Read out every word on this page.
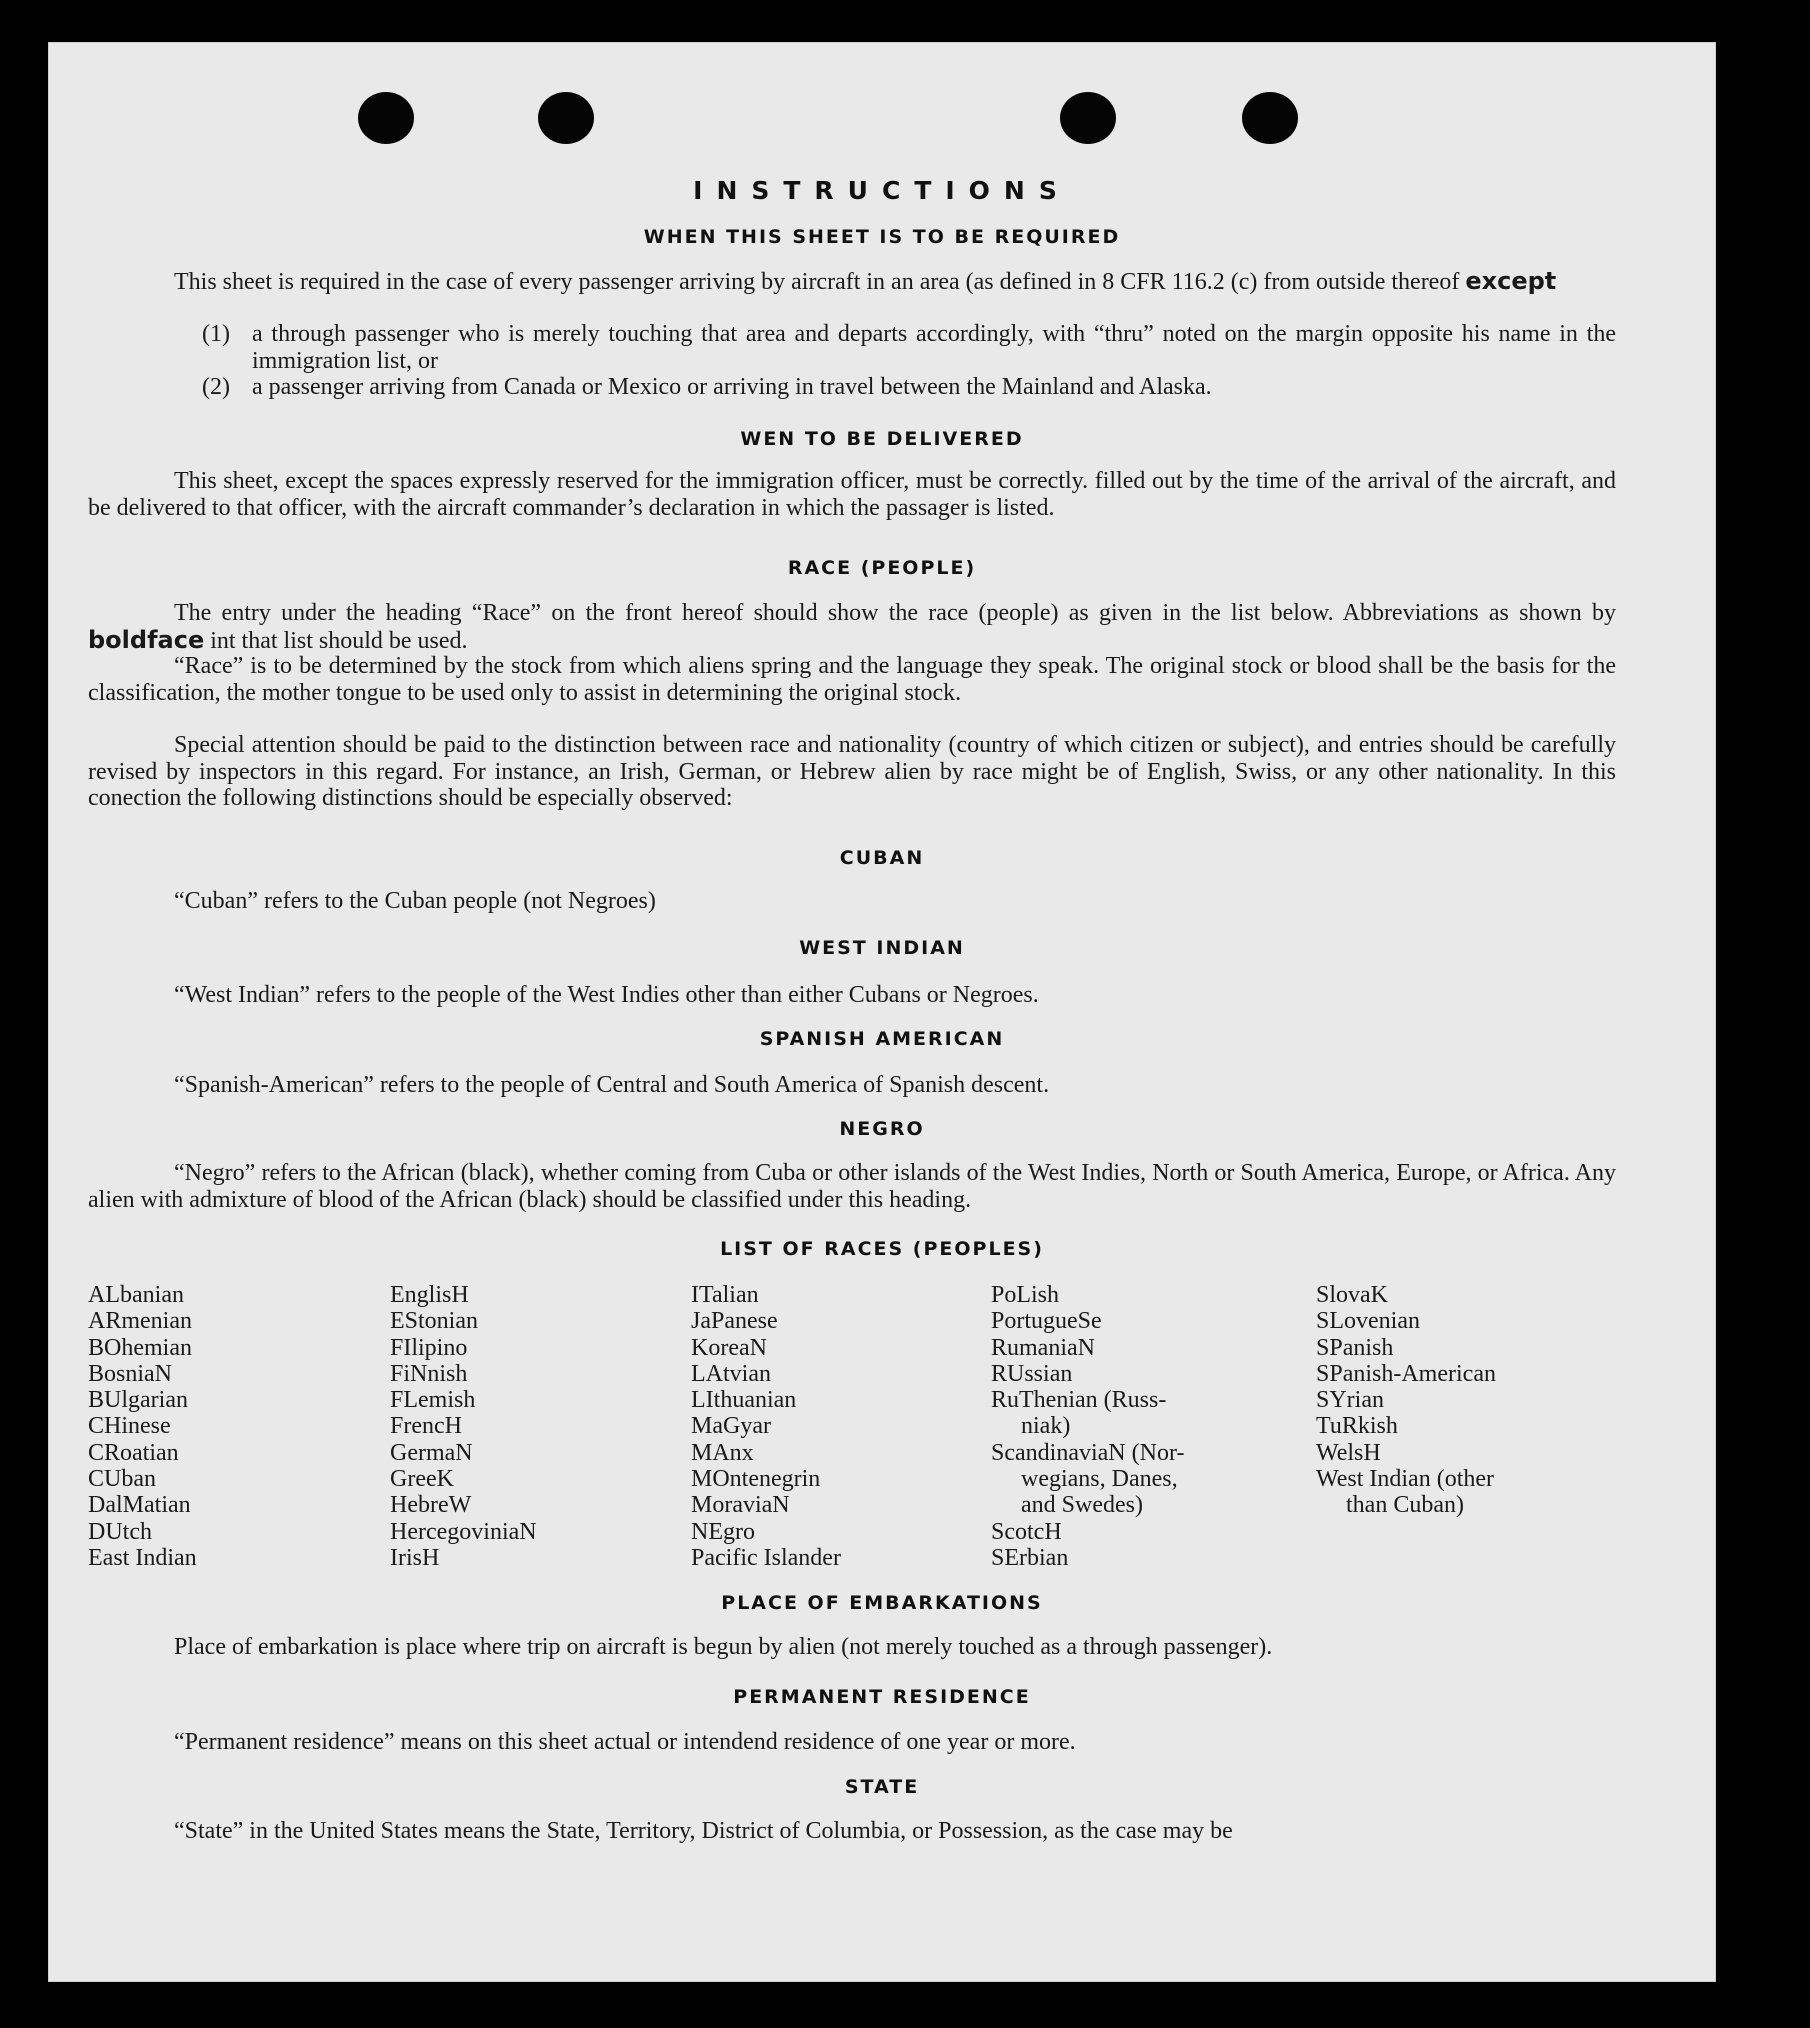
INSTRUCTIONS
WHEN THIS SHEET IS TO BE REQUIRED

This sheet is required in the case of every passenger arriving by aircraft in an area (as defined in 8 CFR 116.2 (c) from outside thereof except

(1) a through passenger who is merely touching that area and departs accordingly, with “thru” noted on the margin opposite his name in the immigration list, or
(2) a passenger arriving from Canada or Mexico or arriving in travel between the Mainland and Alaska.
WEN TO BE DELIVERED

This sheet, except the spaces expressly reserved for the immigration officer, must be correctly. filled out by the time of the arrival of the aircraft, and be delivered to that officer, with the aircraft commander’s declaration in which the passager is listed.

RACE (PEOPLE)

The entry under the heading “Race” on the front hereof should show the race (people) as given in the list below. Abbreviations as shown by boldface int that list should be used.

“Race” is to be determined by the stock from which aliens spring and the language they speak. The original stock or blood shall be the basis for the classification, the mother tongue to be used only to assist in determining the original stock.

Special attention should be paid to the distinction between race and nationality (country of which citizen or subject), and entries should be carefully revised by inspectors in this regard. For instance, an Irish, German, or Hebrew alien by race might be of English, Swiss, or any other nationality. In this conection the following distinctions should be especially observed:

CUBAN

“Cuban” refers to the Cuban people (not Negroes)

WEST INDIAN

“West Indian” refers to the people of the West Indies other than either Cubans or Negroes.

SPANISH AMERICAN

“Spanish-American” refers to the people of Central and South America of Spanish descent.

NEGRO

“Negro” refers to the African (black), whether coming from Cuba or other islands of the West Indies, North or South America, Europe, or Africa. Any alien with admixture of blood of the African (black) should be classified under this heading.

LIST OF RACES (PEOPLES)
ALbanian
ARmenian
BOhemian
BosniaN
BUlgarian
CHinese
CRoatian
CUban
DalMatian
DUtch
East Indian
EnglisH
EStonian
FIlipino
FiNnish
FLemish
FrencH
GermaN
GreeK
HebreW
HercegoviniaN
IrisH
ITalian
JaPanese
KoreaN
LAtvian
LIthuanian
MaGyar
MAnx
MOntenegrin
MoraviaN
NEgro
Pacific Islander
PoLish
PortugueSe
RumaniaN
RUssian
RuThenian (Russ-
niak)
ScandinaviaN (Nor-
wegians, Danes,
and Swedes)
ScotcH
SErbian
SlovaK
SLovenian
SPanish
SPanish-American
SYrian
TuRkish
WelsH
West Indian (other
than Cuban)
PLACE OF EMBARKATIONS

Place of embarkation is place where trip on aircraft is begun by alien (not merely touched as a through passenger).

PERMANENT RESIDENCE

“Permanent residence” means on this sheet actual or intendend residence of one year or more.

STATE

“State” in the United States means the State, Territory, District of Columbia, or Possession, as the case may be
